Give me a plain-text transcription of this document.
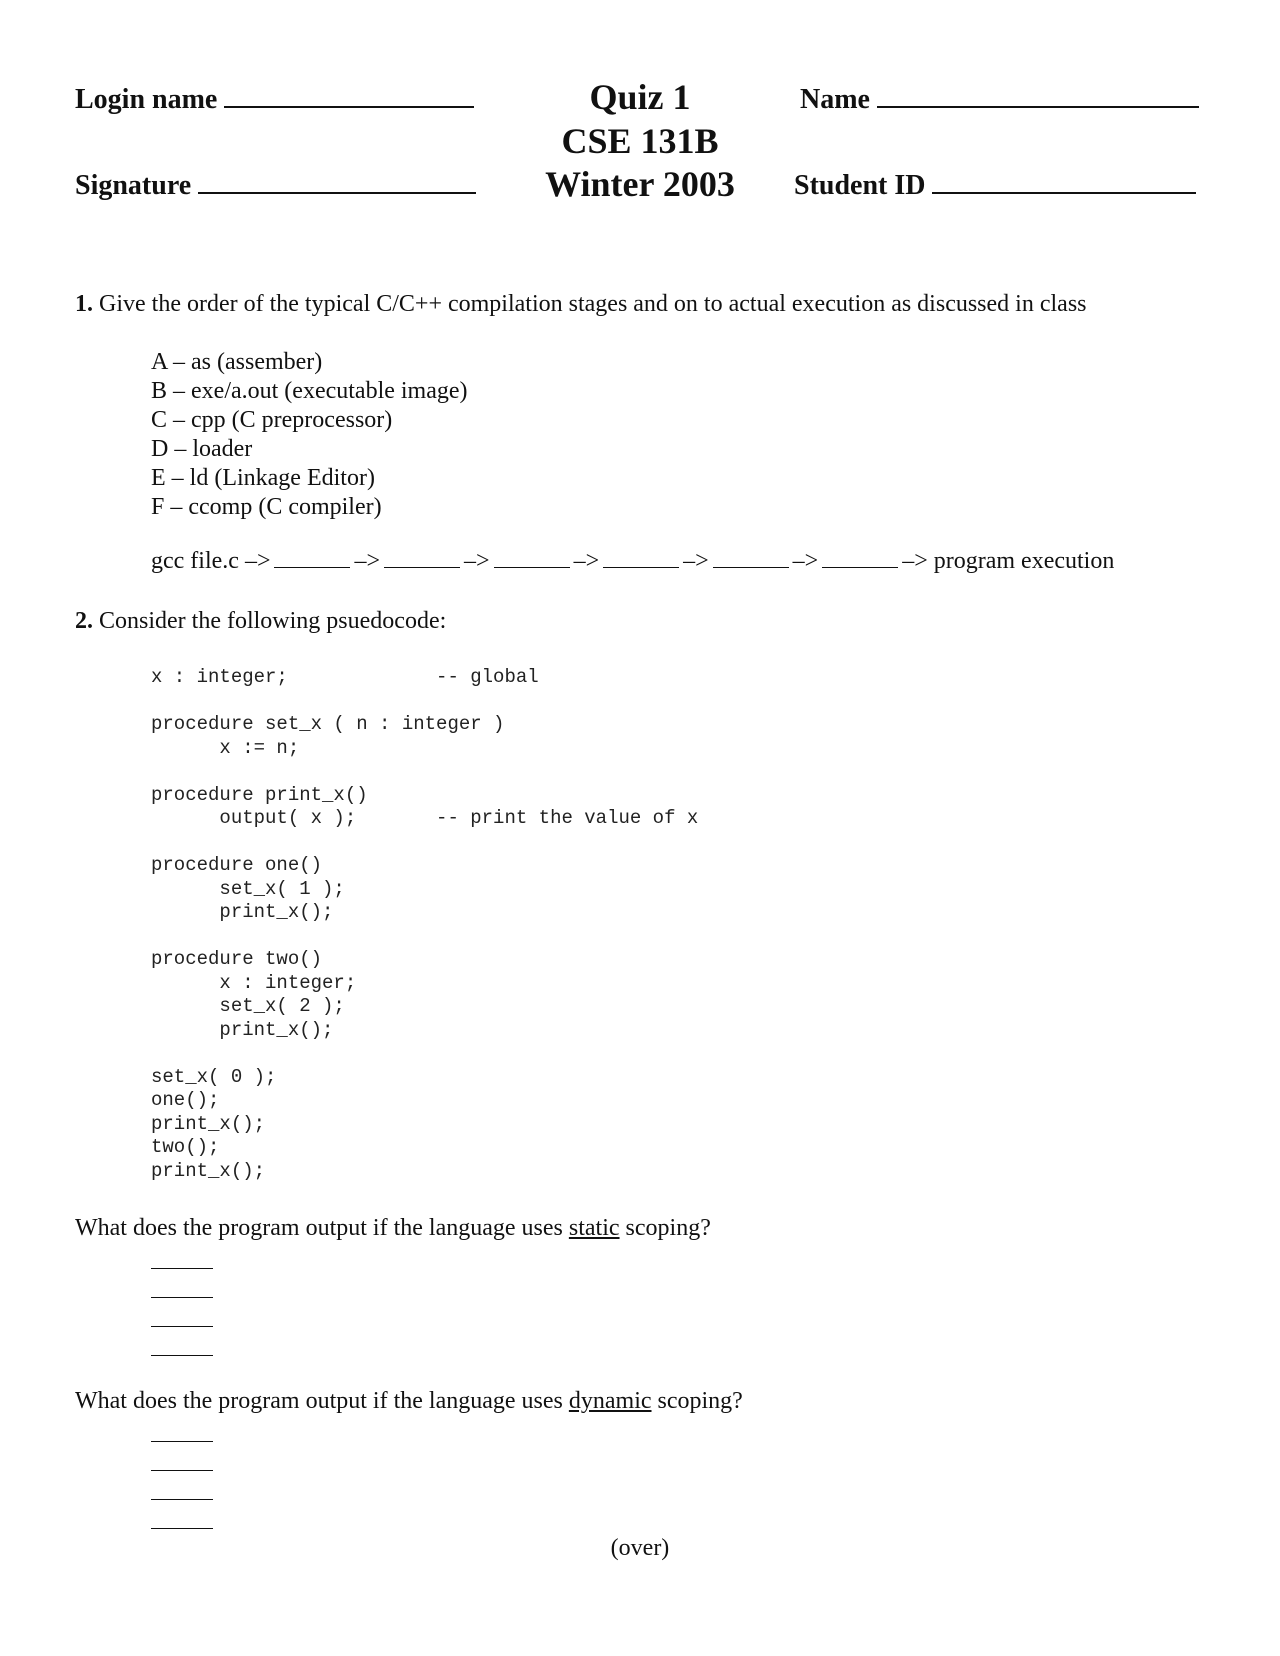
Login name
Signature
Quiz 1
CSE 131B
Winter 2003
Name
Student ID
1. Give the order of the typical C/C++ compilation stages and on to actual execution as discussed in class
A – as (assember)
B – exe/a.out (executable image)
C – cpp (C preprocessor)
D – loader
E – ld (Linkage Editor)
F – ccomp (C compiler)
gcc file.c –>	–>	–>	–>	–>	–>	–> program execution
2. Consider the following psuedocode:
x : integer;             -- global

procedure set_x ( n : integer )
x := n;

procedure print_x()
output( x );       -- print the value of x

procedure one()
set_x( 1 );
print_x();

procedure two()
x : integer;
set_x( 2 );
print_x();

set_x( 0 );
one();
print_x();
two();
print_x();
What does the program output if the language uses static scoping?
What does the program output if the language uses dynamic scoping?
(over)
